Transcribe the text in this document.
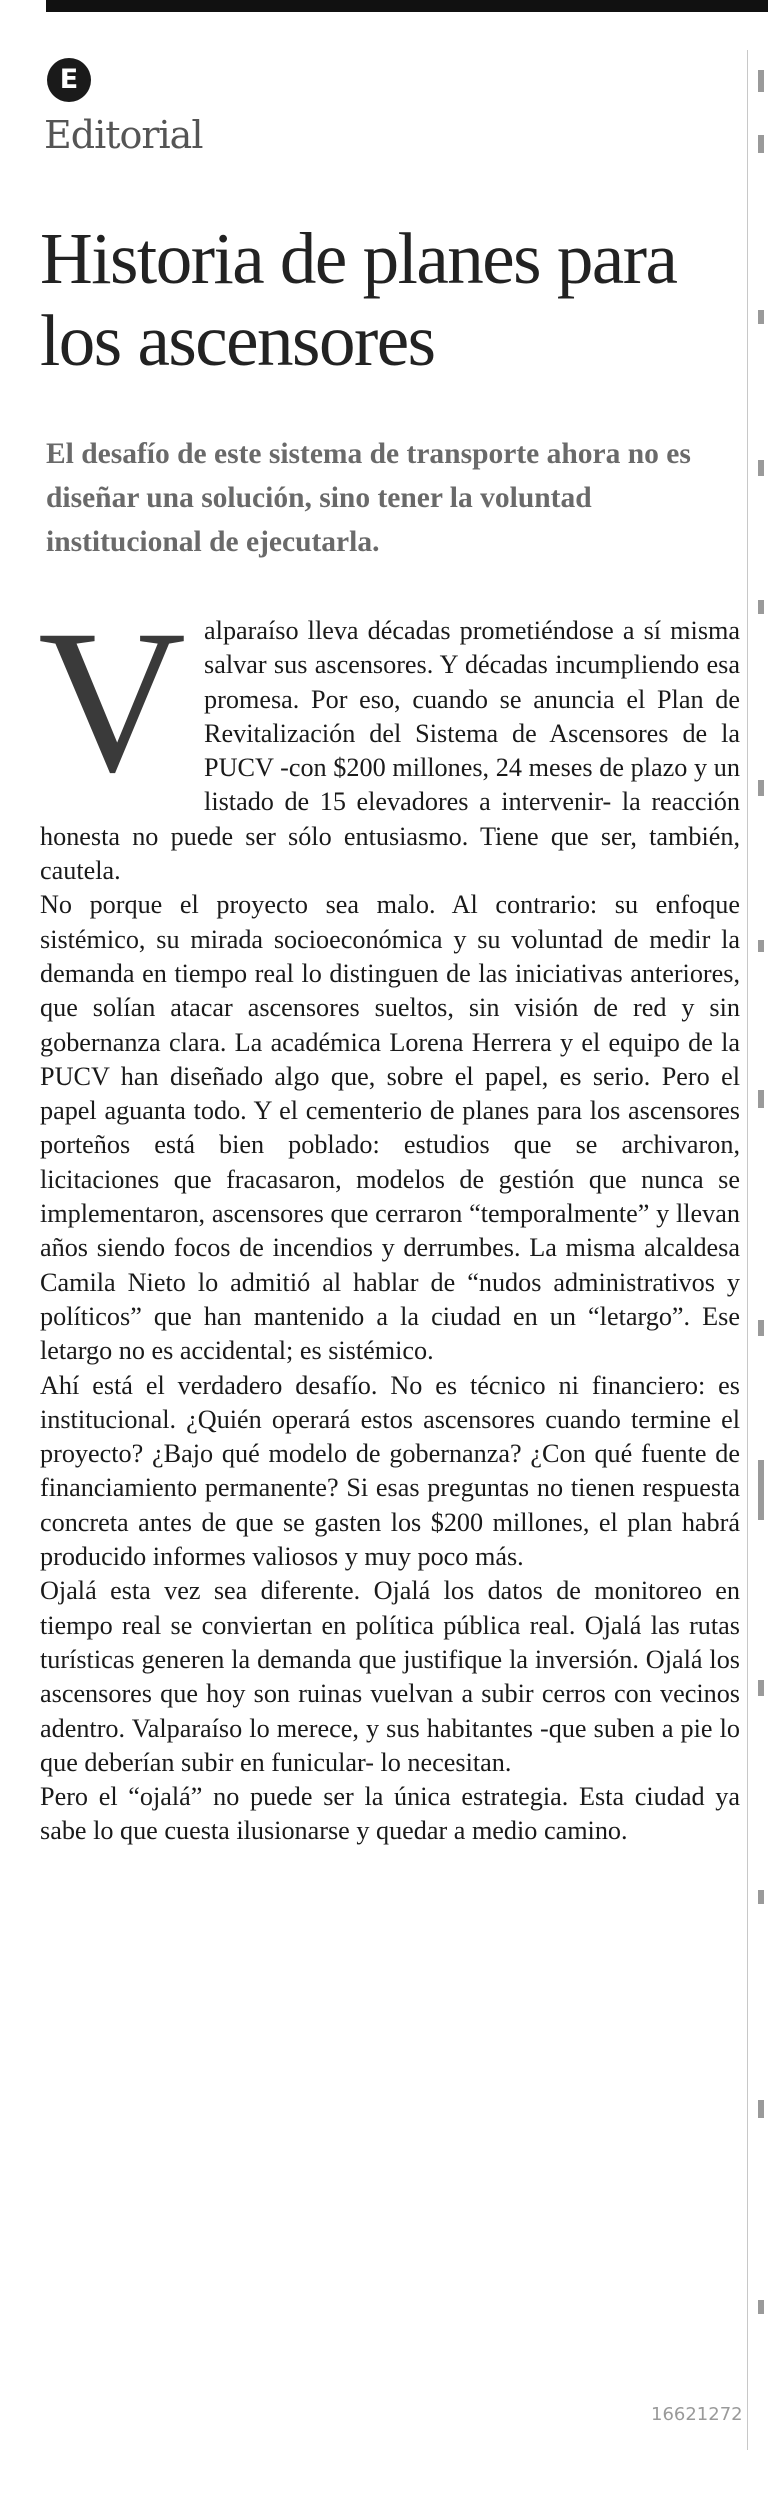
E
Editorial
Historia de planes para los ascensores

El desafío de este sistema de transporte ahora no es diseñar una solución, sino tener la voluntad institucional de ejecutarla.

V alparaíso lleva décadas prometiéndose a sí misma salvar sus ascensores. Y décadas incumpliendo esa promesa. Por eso, cuando se anuncia el Plan de Revitalización del Sistema de Ascensores de la PUCV -con $200 millones, 24 meses de plazo y un listado de 15 elevadores a intervenir- la reacción honesta no puede ser sólo entusiasmo. Tiene que ser, también, cautela.

No porque el proyecto sea malo. Al contrario: su enfoque sistémico, su mirada socioeconómica y su voluntad de medir la demanda en tiempo real lo distinguen de las iniciativas anteriores, que solían atacar ascensores sueltos, sin visión de red y sin gobernanza clara. La académica Lorena Herrera y el equipo de la PUCV han diseñado algo que, sobre el papel, es serio. Pero el papel aguanta todo. Y el cementerio de planes para los ascensores porteños está bien poblado: estudios que se archivaron, licitaciones que fracasaron, modelos de gestión que nunca se implementaron, ascensores que cerraron “temporalmente” y llevan años siendo focos de incendios y derrumbes. La misma alcaldesa Camila Nieto lo admitió al hablar de “nudos administrativos y políticos” que han mantenido a la ciudad en un “letargo”. Ese letargo no es accidental; es sistémico.

Ahí está el verdadero desafío. No es técnico ni financiero: es institucional. ¿Quién operará estos ascensores cuando termine el proyecto? ¿Bajo qué modelo de gobernanza? ¿Con qué fuente de financiamiento permanente? Si esas preguntas no tienen respuesta concreta antes de que se gasten los $200 millones, el plan habrá producido informes valiosos y muy poco más.

Ojalá esta vez sea diferente. Ojalá los datos de monitoreo en tiempo real se conviertan en política pública real. Ojalá las rutas turísticas generen la demanda que justifique la inversión. Ojalá los ascensores que hoy son ruinas vuelvan a subir cerros con vecinos adentro. Valparaíso lo merece, y sus habitantes -que suben a pie lo que deberían subir en funicular- lo necesitan.

Pero el “ojalá” no puede ser la única estrategia. Esta ciudad ya sabe lo que cuesta ilusionarse y quedar a medio camino.

16621272
